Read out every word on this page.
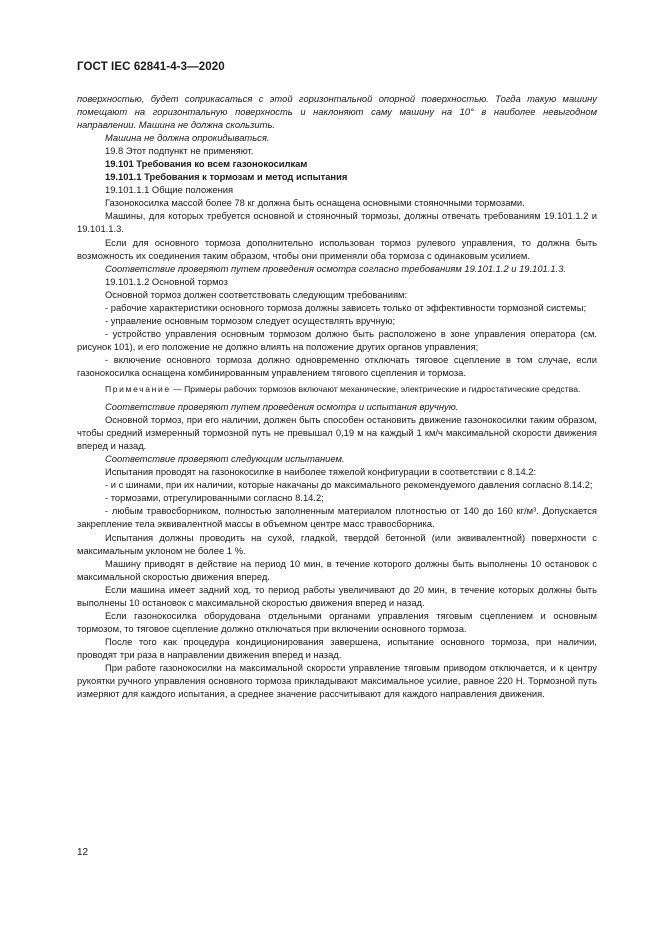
ГОСТ IEC 62841-4-3—2020

поверхностью, будет соприкасаться с этой горизонтальной опорной поверхностью. Тогда такую машину помещают на горизонтальную поверхность и наклоняют саму машину на 10° в наиболее невыгодном направлении. Машина не должна скользить.

Машина не должна опрокидываться.

19.8 Этот подпункт не применяют.

19.101 Требования ко всем газонокосилкам

19.101.1 Требования к тормозам и метод испытания

19.101.1.1 Общие положения

Газонокосилка массой более 78 кг должна быть оснащена основными стояночными тормозами.

Машины, для которых требуется основной и стояночный тормозы, должны отвечать требованиям 19.101.1.2 и 19.101.1.3.

Если для основного тормоза дополнительно использован тормоз рулевого управления, то должна быть возможность их соединения таким образом, чтобы они применяли оба тормоза с одинаковым усилием.

Соответствие проверяют путем проведения осмотра согласно требованиям 19.101.1.2 и 19.101.1.3.

19.101.1.2 Основной тормоз

Основной тормоз должен соответствовать следующим требованиям:

- рабочие характеристики основного тормоза должны зависеть только от эффективности тормозной системы;

- управление основным тормозом следует осуществлять вручную;

- устройство управления основным тормозом должно быть расположено в зоне управления оператора (см. рисунок 101), и его положение не должно влиять на положение других органов управления;

- включение основного тормоза должно одновременно отключать тяговое сцепление в том случае, если газонокосилка оснащена комбинированным управлением тягового сцепления и тормоза.

Примечание — Примеры рабочих тормозов включают механические, электрические и гидростатические средства.

Соответствие проверяют путем проведения осмотра и испытания вручную.

Основной тормоз, при его наличии, должен быть способен остановить движение газонокосилки таким образом, чтобы средний измеренный тормозной путь не превышал 0,19 м на каждый 1 км/ч максимальной скорости движения вперед и назад.

Соответствие проверяют следующим испытанием.

Испытания проводят на газонокосилке в наиболее тяжелой конфигурации в соответствии с 8.14.2:

- и с шинами, при их наличии, которые накачаны до максимального рекомендуемого давления согласно 8.14.2;

- тормозами, отрегулированными согласно 8.14.2;

- любым травосборником, полностью заполненным материалом плотностью от 140 до 160 кг/м³. Допускается закрепление тела эквивалентной массы в объемном центре масс травосборника.

Испытания должны проводить на сухой, гладкой, твердой бетонной (или эквивалентной) поверхности с максимальным уклоном не более 1 %.

Машину приводят в действие на период 10 мин, в течение которого должны быть выполнены 10 остановок с максимальной скоростью движения вперед.

Если машина имеет задний ход, то период работы увеличивают до 20 мин, в течение которых должны быть выполнены 10 остановок с максимальной скоростью движения вперед и назад.

Если газонокосилка оборудована отдельными органами управления тяговым сцеплением и основным тормозом, то тяговое сцепление должно отключаться при включении основного тормоза.

После того как процедура кондиционирования завершена, испытание основного тормоза, при наличии, проводят три раза в направлении движения вперед и назад.

При работе газонокосилки на максимальной скорости управление тяговым приводом отключается, и к центру рукоятки ручного управления основного тормоза прикладывают максимальное усилие, равное 220 Н. Тормозной путь измеряют для каждого испытания, а среднее значение рассчитывают для каждого направления движения.

12
